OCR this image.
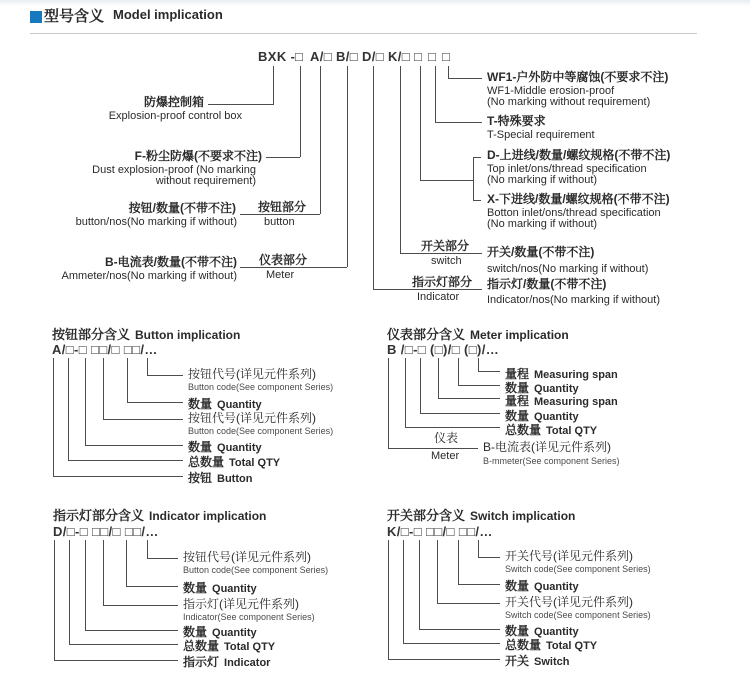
型号含义 Model implication
BXK - □ A/□ B/□ D/□ K/□ □ □ □
防爆控制箱
Explosion-proof control box
F-粉尘防爆(不要求不注)
Dust explosion-proof (No marking
without requirement)
按钮/数量(不带不注)
button/nos(No marking if without)
按钮部分
button
B-电流表/数量(不带不注)
Ammeter/nos(No marking if without)
仪表部分
Meter
WF1-户外防中等腐蚀(不要求不注)
WF1-Middle erosion-proof
(No marking without requirement)
T-特殊要求
T-Special requirement
D-上进线/数量/螺纹规格(不带不注)
Top inlet/ons/thread specification
(No marking if without)
X-下进线/数量/螺纹规格(不带不注)
Botton inlet/ons/thread specification
(No marking if without)
开关部分
switch
开关/数量(不带不注)
switch/nos(No marking if without)
指示灯部分
Indicator
指示灯/数量(不带不注)
Indicator/nos(No marking if without)
按钮部分含义 Button implication
A/□-□ □□/□ □□/…
按钮代号(详见元件系列)
Button code(See component Series)
数量 Quantity
按钮代号(详见元件系列)
Button code(See component Series)
数量 Quantity
总数量 Total QTY
按钮 Button
仪表部分含义 Meter implication
B /□-□ (□)/□ (□)/…
量程 Measuring span
数量 Quantity
量程 Measuring span
数量 Quantity
总数量 Total QTY
仪表
Meter
B-电流表(详见元件系列)
B-mmeter(See component Series)
指示灯部分含义 Indicator implication
D/□-□ □□/□ □□/…
按钮代号(详见元件系列)
Button code(See component Series)
数量 Quantity
指示灯(详见元件系列)
Indicator(See component Series)
数量 Quantity
总数量 Total QTY
指示灯 Indicator
开关部分含义 Switch implication
K/□-□ □□/□ □□/…
开关代号(详见元件系列)
Switch code(See component Series)
数量 Quantity
开关代号(详见元件系列)
Switch code(See component Series)
数量 Quantity
总数量 Total QTY
开关 Switch
